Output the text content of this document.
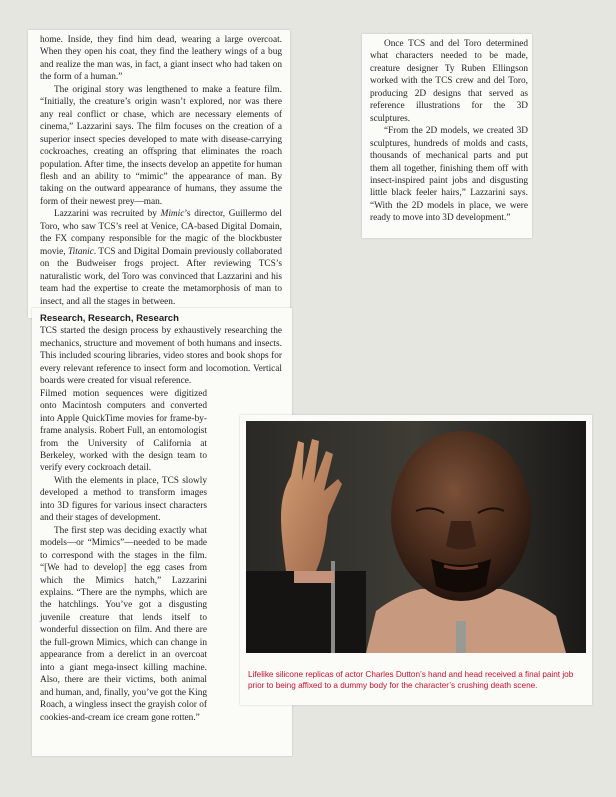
home. Inside, they find him dead, wearing a large overcoat. When they open his coat, they find the leathery wings of a bug and realize the man was, in fact, a giant insect who had taken on the form of a human.”

The original story was lengthened to make a feature film. “Initially, the creature’s origin wasn’t explored, nor was there any real conflict or chase, which are necessary elements of cinema,” Lazzarini says. The film focuses on the creation of a superior insect species developed to mate with disease-carrying cockroaches, creating an offspring that eliminates the roach population. After time, the insects develop an appetite for human flesh and an ability to “mimic” the appearance of man. By taking on the outward appearance of humans, they assume the form of their newest prey—man.

Lazzarini was recruited by Mimic’s director, Guillermo del Toro, who saw TCS’s reel at Venice, CA-based Digital Domain, the FX company responsible for the magic of the blockbuster movie, Titanic. TCS and Digital Domain previously collaborated on the Budweiser frogs project. After reviewing TCS’s naturalistic work, del Toro was convinced that Lazzarini and his team had the expertise to create the metamorphosis of man to insect, and all the stages in between.

Once TCS and del Toro determined what characters needed to be made, creature designer Ty Ruben Ellingson worked with the TCS crew and del Toro, producing 2D designs that served as reference illustrations for the 3D sculptures.

“From the 2D models, we created 3D sculptures, hundreds of molds and casts, thousands of mechanical parts and put them all together, finishing them off with insect-inspired paint jobs and disgusting little black feeler hairs,” Lazzarini says. “With the 2D models in place, we were ready to move into 3D development.”

Research, Research, Research

TCS started the design process by exhaustively researching the mechanics, structure and movement of both humans and insects. This included scouring libraries, video stores and book shops for every relevant reference to insect form and locomotion. Vertical boards were created for visual reference.

Filmed motion sequences were digitized onto Macintosh computers and converted into Apple QuickTime movies for frame-by-frame analysis. Robert Full, an entomologist from the University of California at Berkeley, worked with the design team to verify every cockroach detail.

With the elements in place, TCS slowly developed a method to transform images into 3D figures for various insect characters and their stages of development.

The first step was deciding exactly what models—or “Mimics”—needed to be made to correspond with the stages in the film. “[We had to develop] the egg cases from which the Mimics hatch,” Lazzarini explains. “There are the nymphs, which are the hatchlings. You’ve got a disgusting juvenile creature that lends itself to wonderful dissection on film. And there are the full-grown Mimics, which can change in appearance from a derelict in an overcoat into a giant mega-insect killing machine. Also, there are their victims, both animal and human, and, finally, you’ve got the King Roach, a wingless insect the grayish color of cookies-and-cream ice cream gone rotten.”

Lifelike silicone replicas of actor Charles Dutton’s hand and head received a final paint job prior to being affixed to a dummy body for the character’s crushing death scene.
